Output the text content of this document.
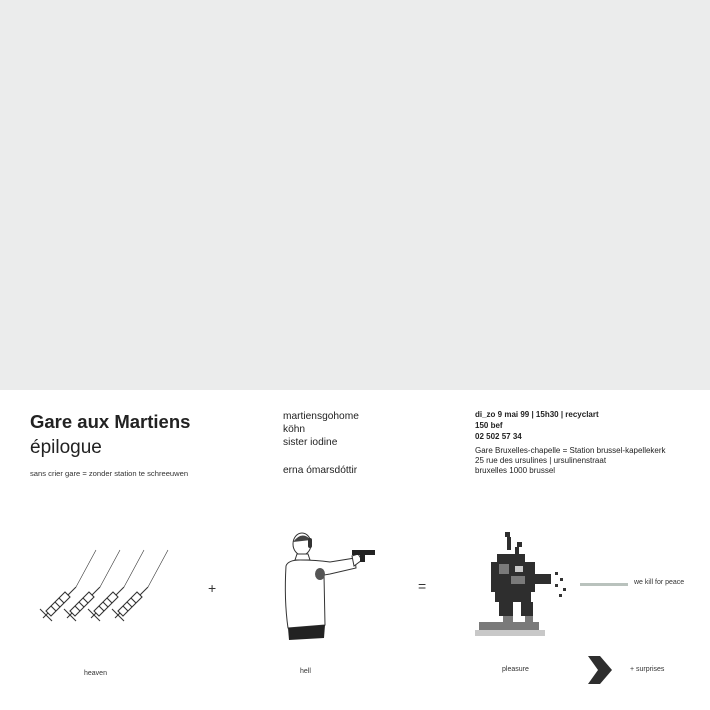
Gare aux Martiens
épilogue
sans crier gare = zonder station te schreeuwen
martiensgohome
köhn
sister iodine
erna ómarsdóttir
di_zo 9 mai 99 | 15h30 | recyclart
150 bef
02 502 57 34
Gare Bruxelles-chapelle = Station brussel-kapellekerk
25 rue des ursulines | ursulinenstraat
bruxelles 1000 brussel
+	=	we kill for peace
heaven	hell	pleasure	+ surprises
